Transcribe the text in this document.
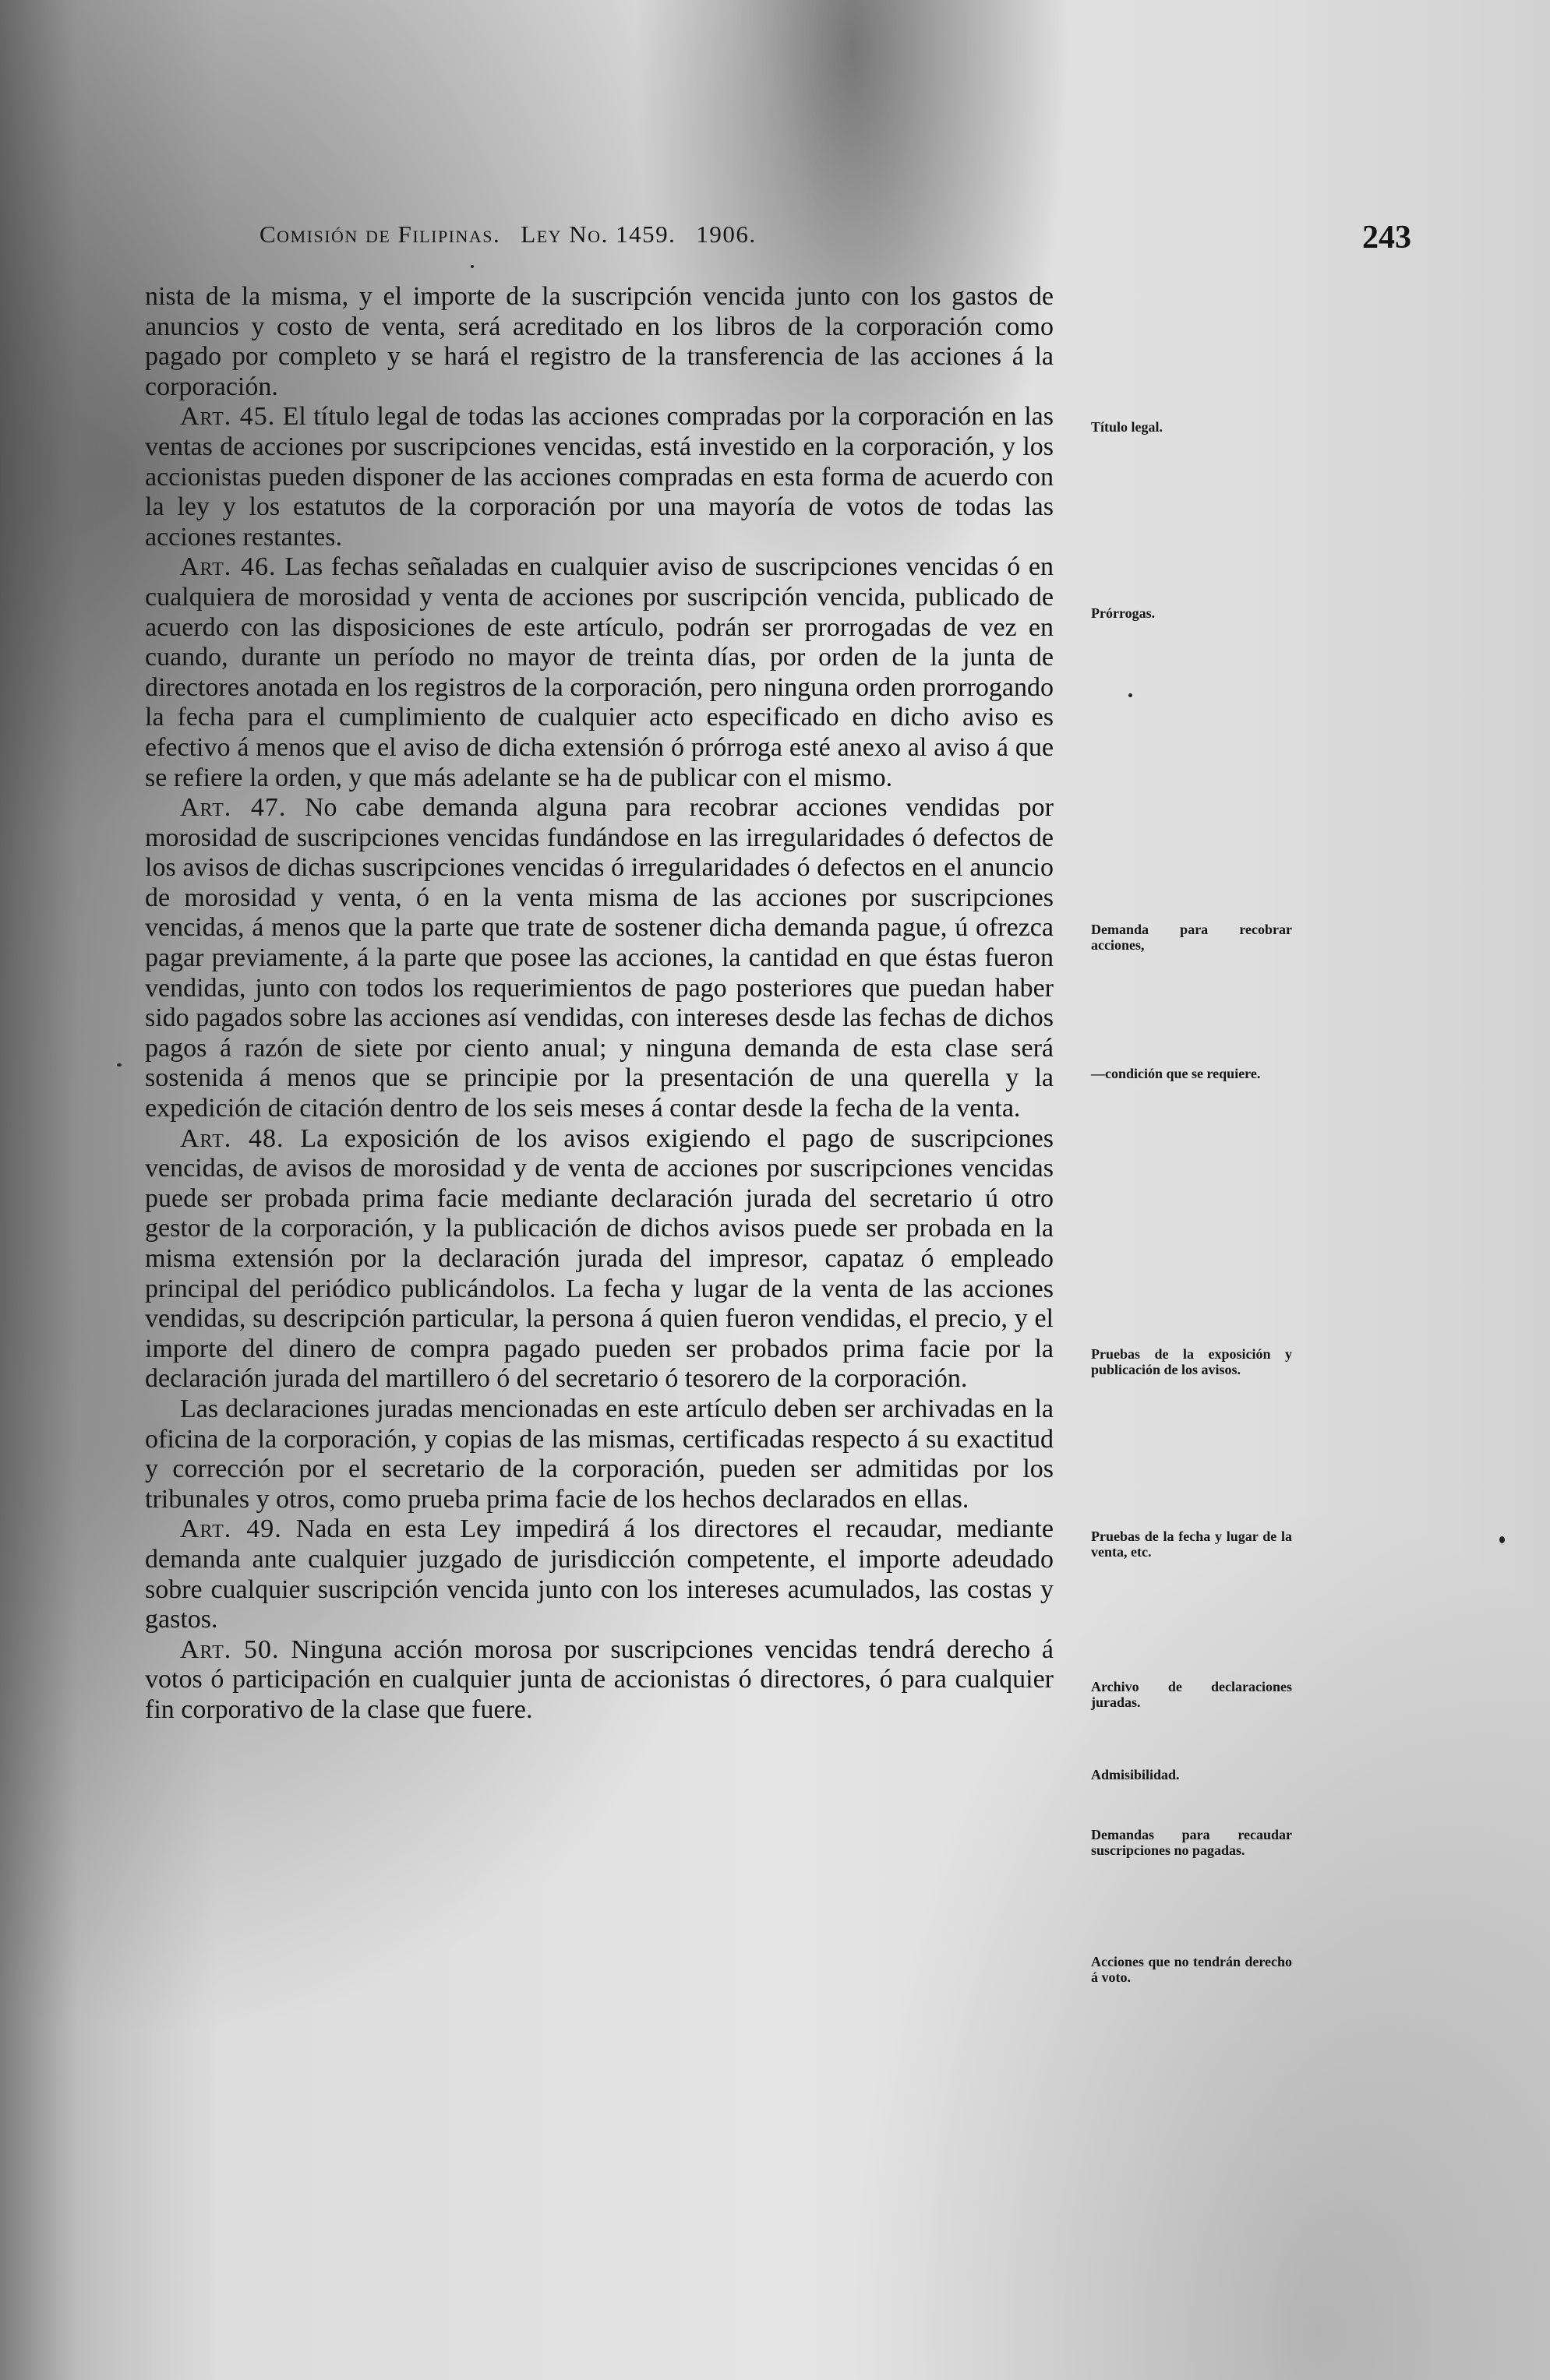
Comisión de Filipinas. Ley No. 1459. 1906.	243

nista de la misma, y el importe de la suscripción vencida junto con los gastos de anuncios y costo de venta, será acreditado en los libros de la corporación como pagado por completo y se hará el registro de la transferencia de las acciones á la corporación.

Art. 45. El título legal de todas las acciones compradas por la corporación en las ventas de acciones por suscripciones vencidas, está investido en la corporación, y los accionistas pueden disponer de las acciones compradas en esta forma de acuerdo con la ley y los estatutos de la corporación por una mayoría de votos de todas las acciones restantes.

Art. 46. Las fechas señaladas en cualquier aviso de suscripciones vencidas ó en cualquiera de morosidad y venta de acciones por suscripción vencida, publicado de acuerdo con las disposiciones de este artículo, podrán ser prorrogadas de vez en cuando, durante un período no mayor de treinta días, por orden de la junta de directores anotada en los registros de la corporación, pero ninguna orden prorrogando la fecha para el cumplimiento de cualquier acto especificado en dicho aviso es efectivo á menos que el aviso de dicha extensión ó prórroga esté anexo al aviso á que se refiere la orden, y que más adelante se ha de publicar con el mismo.

Art. 47. No cabe demanda alguna para recobrar acciones vendidas por morosidad de suscripciones vencidas fundándose en las irregularidades ó defectos de los avisos de dichas suscripciones vencidas ó irregularidades ó defectos en el anuncio de morosidad y venta, ó en la venta misma de las acciones por suscripciones vencidas, á menos que la parte que trate de sostener dicha demanda pague, ú ofrezca pagar previamente, á la parte que posee las acciones, la cantidad en que éstas fueron vendidas, junto con todos los requerimientos de pago posteriores que puedan haber sido pagados sobre las acciones así vendidas, con intereses desde las fechas de dichos pagos á razón de siete por ciento anual; y ninguna demanda de esta clase será sostenida á menos que se principie por la presentación de una querella y la expedición de citación dentro de los seis meses á contar desde la fecha de la venta.

Art. 48. La exposición de los avisos exigiendo el pago de suscripciones vencidas, de avisos de morosidad y de venta de acciones por suscripciones vencidas puede ser probada prima facie mediante declaración jurada del secretario ú otro gestor de la corporación, y la publicación de dichos avisos puede ser probada en la misma extensión por la declaración jurada del impresor, capataz ó empleado principal del periódico publicándolos. La fecha y lugar de la venta de las acciones vendidas, su descripción particular, la persona á quien fueron vendidas, el precio, y el importe del dinero de compra pagado pueden ser probados prima facie por la declaración jurada del martillero ó del secretario ó tesorero de la corporación.

Las declaraciones juradas mencionadas en este artículo deben ser archivadas en la oficina de la corporación, y copias de las mismas, certificadas respecto á su exactitud y corrección por el secretario de la corporación, pueden ser admitidas por los tribunales y otros, como prueba prima facie de los hechos declarados en ellas.

Art. 49. Nada en esta Ley impedirá á los directores el recaudar, mediante demanda ante cualquier juzgado de jurisdicción competente, el importe adeudado sobre cualquier suscripción vencida junto con los intereses acumulados, las costas y gastos.

Art. 50. Ninguna acción morosa por suscripciones vencidas tendrá derecho á votos ó participación en cualquier junta de accionistas ó directores, ó para cualquier fin corporativo de la clase que fuere.

Título legal.
Prórrogas.
Demanda para recobrar acciones,
—condición que se requiere.
Pruebas de la exposición y publicación de los avisos.
Pruebas de la fecha y lugar de la venta, etc.
Archivo de declaraciones juradas.
Admisibilidad.
Demandas para recaudar suscripciones no pagadas.
Acciones que no tendrán derecho á voto.
